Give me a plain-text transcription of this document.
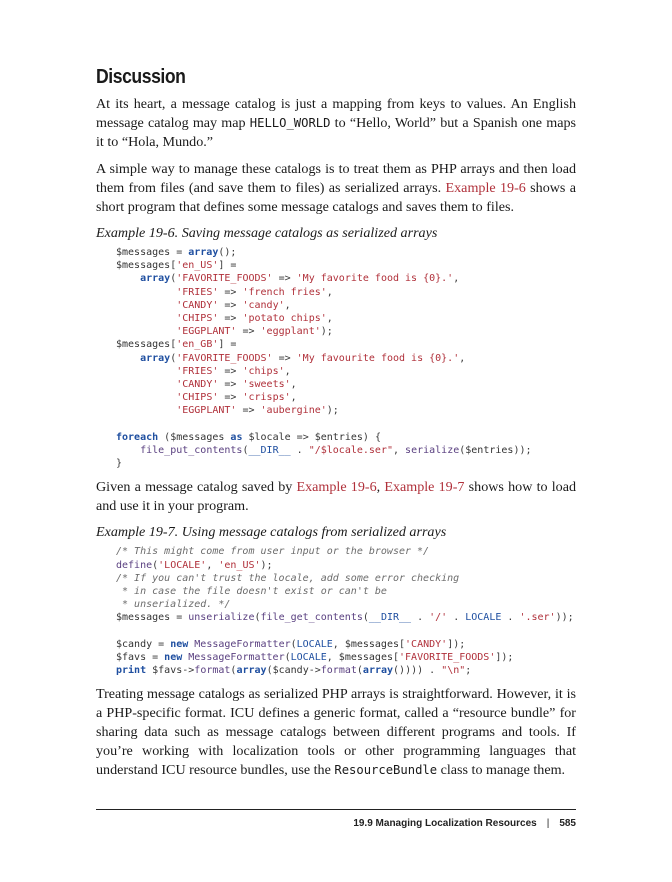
Discussion

At its heart, a message catalog is just a mapping from keys to values. An English message catalog may map HELLO_WORLD to “Hello, World” but a Spanish one maps it to “Hola, Mundo.”

A simple way to manage these catalogs is to treat them as PHP arrays and then load them from files (and save them to files) as serialized arrays. Example 19-6 shows a short program that defines some message catalogs and saves them to files.

Example 19-6. Saving message catalogs as serialized arrays
$messages = array();
$messages['en_US'] =
array('FAVORITE_FOODS' => 'My favorite food is {0}.',
'FRIES' => 'french fries',
'CANDY' => 'candy',
'CHIPS' => 'potato chips',
'EGGPLANT' => 'eggplant');
$messages['en_GB'] =
array('FAVORITE_FOODS' => 'My favourite food is {0}.',
'FRIES' => 'chips',
'CANDY' => 'sweets',
'CHIPS' => 'crisps',
'EGGPLANT' => 'aubergine');

foreach ($messages as $locale => $entries) {
file_put_contents(__DIR__ . "/$locale.ser", serialize($entries));
}

Given a message catalog saved by Example 19-6, Example 19-7 shows how to load and use it in your program.

Example 19-7. Using message catalogs from serialized arrays
/* This might come from user input or the browser */
define('LOCALE', 'en_US');
/* If you can't trust the locale, add some error checking
* in case the file doesn't exist or can't be
* unserialized. */
$messages = unserialize(file_get_contents(__DIR__ . '/' . LOCALE . '.ser'));

$candy = new MessageFormatter(LOCALE, $messages['CANDY']);
$favs = new MessageFormatter(LOCALE, $messages['FAVORITE_FOODS']);
print $favs->format(array($candy->format(array()))) . "\n";

Treating message catalogs as serialized PHP arrays is straightforward. However, it is a PHP-specific format. ICU defines a generic format, called a “resource bundle” for sharing data such as message catalogs between different programs and tools. If you’re working with localization tools or other programming languages that understand ICU resource bundles, use the ResourceBundle class to manage them.

19.9 Managing Localization Resources | 585
